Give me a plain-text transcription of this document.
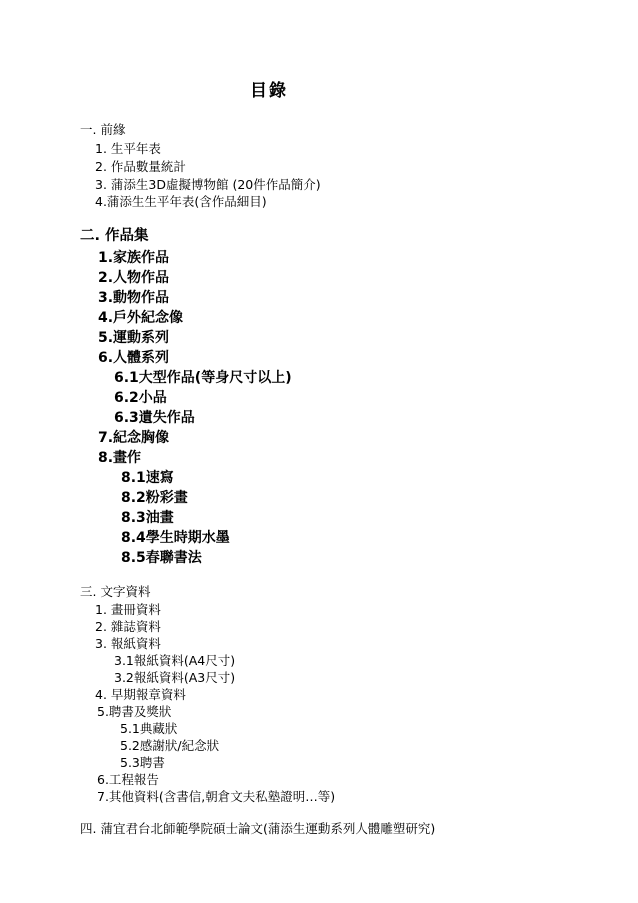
目錄
一. 前緣
1. 生平年表
2. 作品數量統計
3. 蒲添生3D虛擬博物館 (20件作品簡介)
4.蒲添生生平年表(含作品細目)
二. 作品集
1.家族作品
2.人物作品
3.動物作品
4.戶外紀念像
5.運動系列
6.人體系列
6.1大型作品(等身尺寸以上)
6.2小品
6.3遺失作品
7.紀念胸像
8.畫作
8.1速寫
8.2粉彩畫
8.3油畫
8.4學生時期水墨
8.5春聯書法
三. 文字資料
1. 畫冊資料
2. 雜誌資料
3. 報紙資料
3.1報紙資料(A4尺寸)
3.2報紙資料(A3尺寸)
4. 早期報章資料
5.聘書及獎狀
5.1典藏狀
5.2感謝狀/紀念狀
5.3聘書
6.工程報告
7.其他資料(含書信,朝倉文夫私塾證明…等)
四. 蒲宜君台北師範學院碩士論文(蒲添生運動系列人體雕塑研究)
